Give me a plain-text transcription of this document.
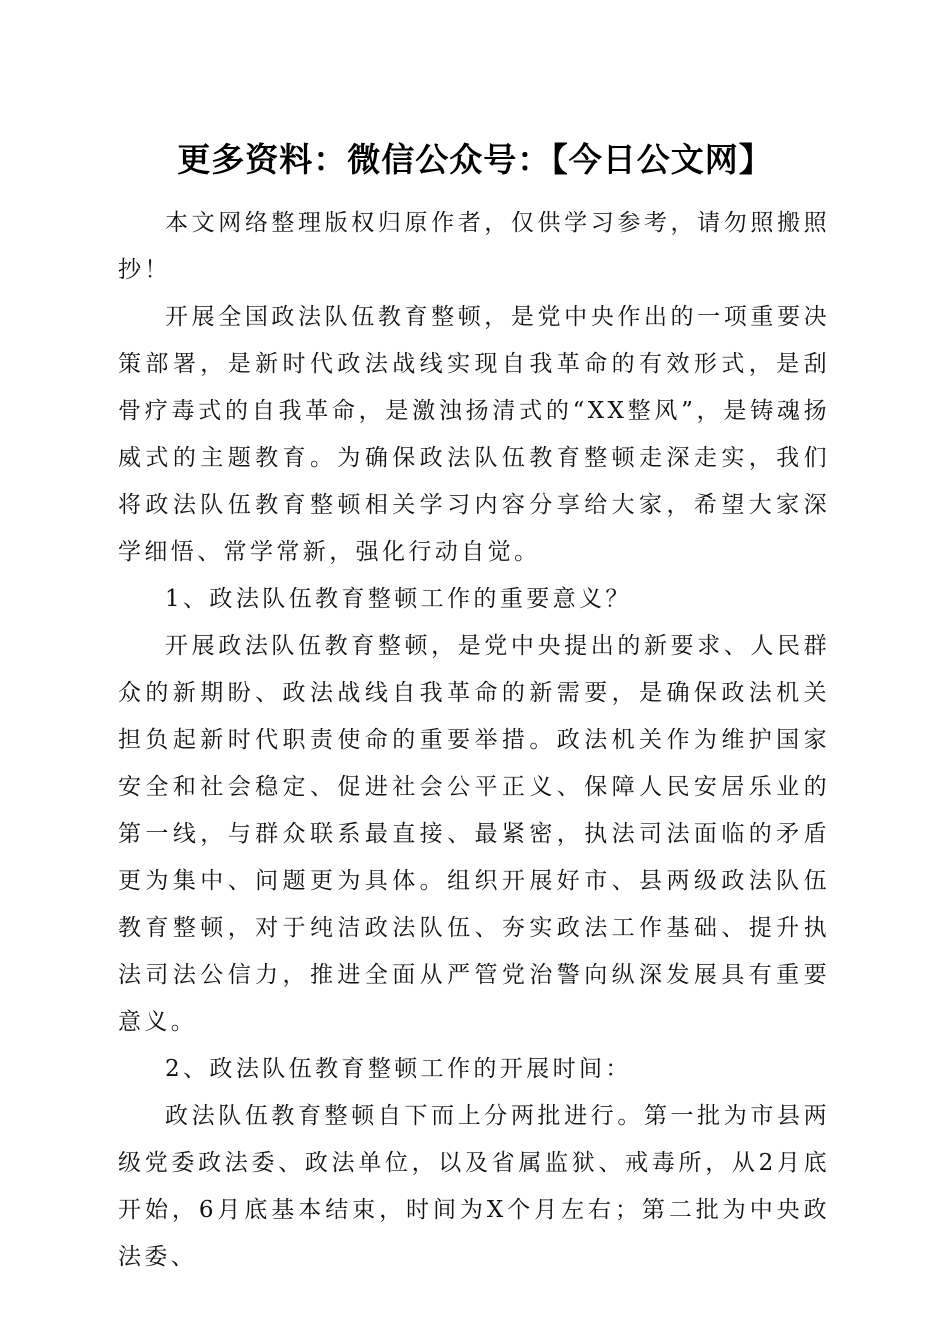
更多资料：微信公众号：【今日公文网】

本文网络整理版权归原作者，仅供学习参考，请勿照搬照抄！

开展全国政法队伍教育整顿，是党中央作出的一项重要决策部署，是新时代政法战线实现自我革命的有效形式，是刮骨疗毒式的自我革命，是激浊扬清式的“XX整风”，是铸魂扬威式的主题教育。为确保政法队伍教育整顿走深走实，我们将政法队伍教育整顿相关学习内容分享给大家，希望大家深学细悟、常学常新，强化行动自觉。

1、政法队伍教育整顿工作的重要意义？

开展政法队伍教育整顿，是党中央提出的新要求、人民群众的新期盼、政法战线自我革命的新需要，是确保政法机关担负起新时代职责使命的重要举措。政法机关作为维护国家安全和社会稳定、促进社会公平正义、保障人民安居乐业的第一线，与群众联系最直接、最紧密，执法司法面临的矛盾更为集中、问题更为具体。组织开展好市、县两级政法队伍教育整顿，对于纯洁政法队伍、夯实政法工作基础、提升执法司法公信力，推进全面从严管党治警向纵深发展具有重要意义。

2、政法队伍教育整顿工作的开展时间：

政法队伍教育整顿自下而上分两批进行。第一批为市县两级党委政法委、政法单位，以及省属监狱、戒毒所，从2月底开始，6月底基本结束，时间为X个月左右；第二批为中央政法委、
